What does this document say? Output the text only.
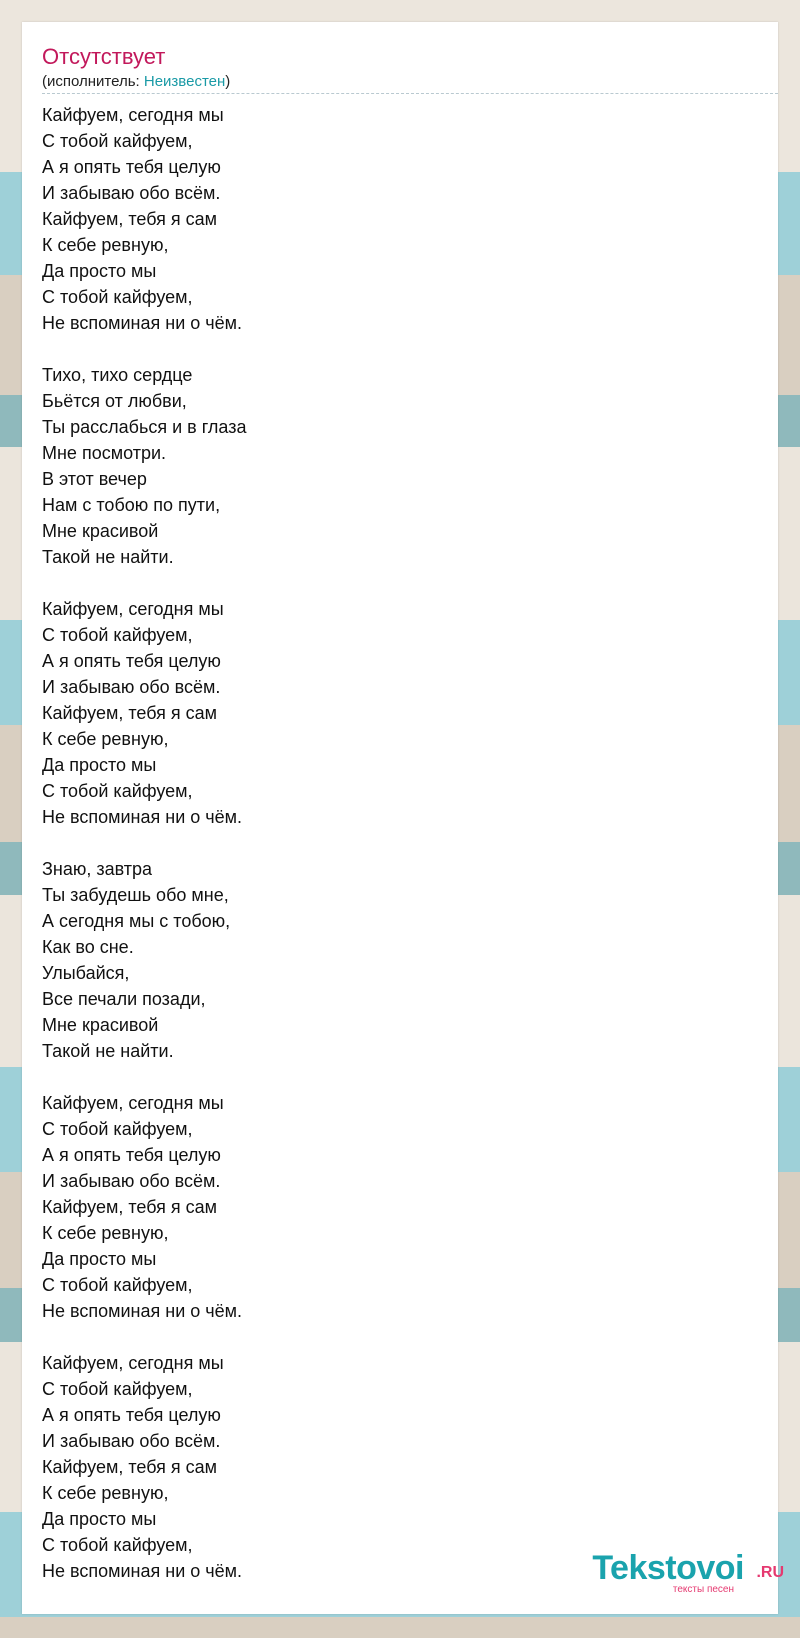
Отсутствует
(исполнитель: Неизвестен)
Кайфуем, сегодня мы
С тобой кайфуем,
А я опять тебя целую
И забываю обо всём.
Кайфуем, тебя я сам
К себе ревную,
Да просто мы
С тобой кайфуем,
Не вспоминая ни о чём.
Тихо, тихо сердце
Бьётся от любви,
Ты расслабься и в глаза
Мне посмотри.
В этот вечер
Нам с тобою по пути,
Мне красивой
Такой не найти.
Кайфуем, сегодня мы
С тобой кайфуем,
А я опять тебя целую
И забываю обо всём.
Кайфуем, тебя я сам
К себе ревную,
Да просто мы
С тобой кайфуем,
Не вспоминая ни о чём.
Знаю, завтра
Ты забудешь обо мне,
А сегодня мы с тобою,
Как во сне.
Улыбайся,
Все печали позади,
Мне красивой
Такой не найти.
Кайфуем, сегодня мы
С тобой кайфуем,
А я опять тебя целую
И забываю обо всём.
Кайфуем, тебя я сам
К себе ревную,
Да просто мы
С тобой кайфуем,
Не вспоминая ни о чём.
Кайфуем, сегодня мы
С тобой кайфуем,
А я опять тебя целую
И забываю обо всём.
Кайфуем, тебя я сам
К себе ревную,
Да просто мы
С тобой кайфуем,
Не вспоминая ни о чём.	Tekstovoi .RU
тексты песен
